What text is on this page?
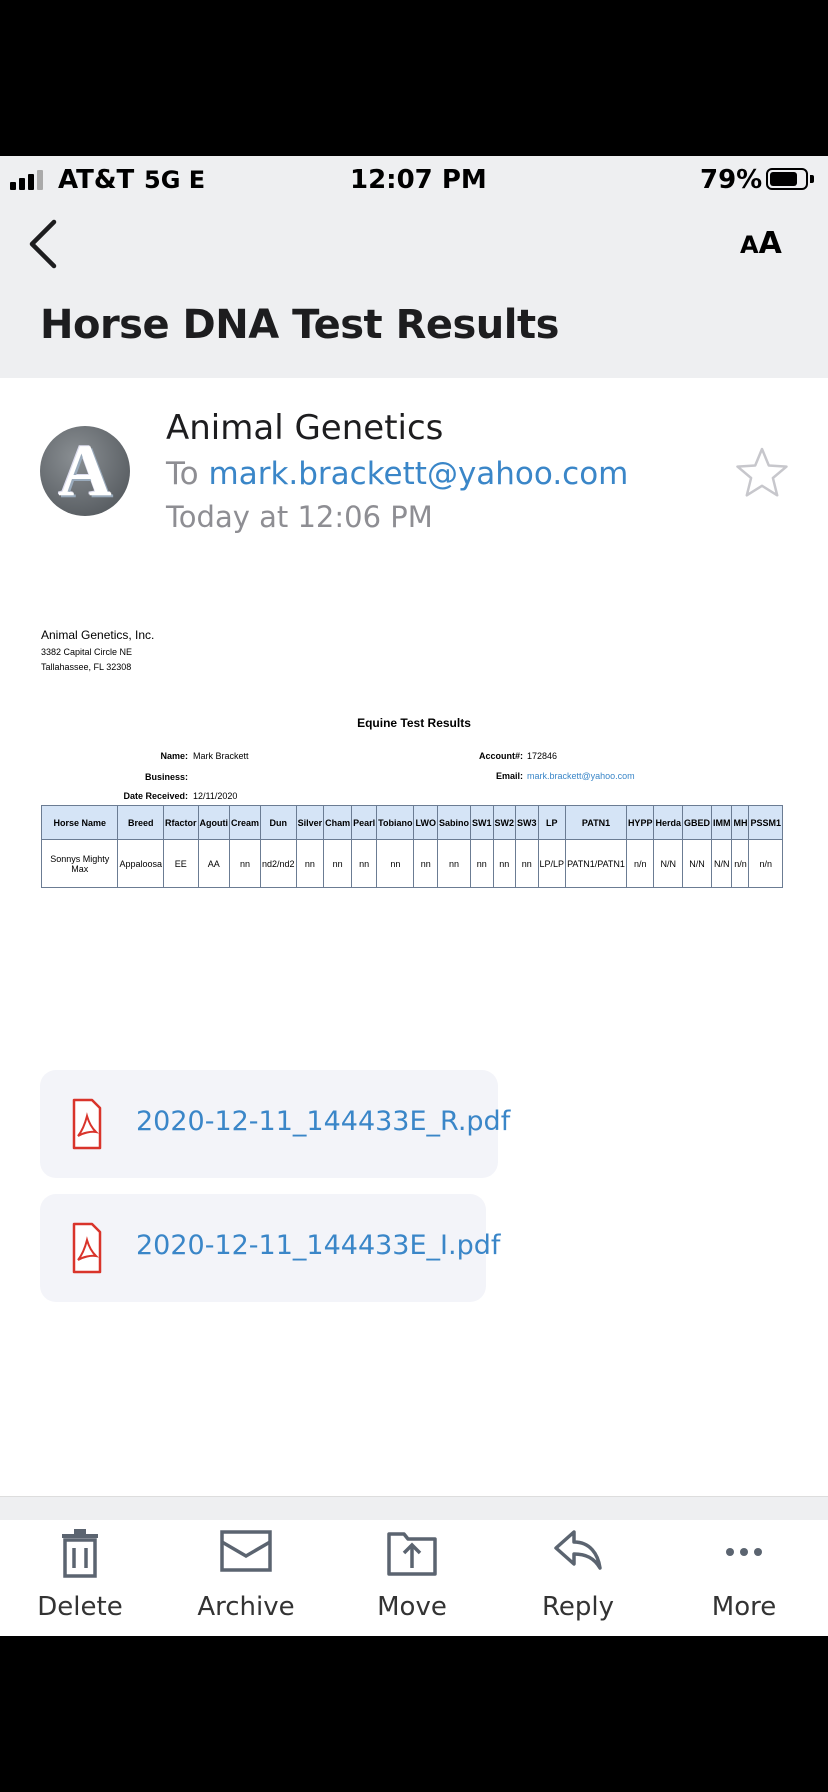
AT&T 5G E	12:07 PM	79%
AA
Horse DNA Test Results
A
Animal Genetics
To mark.brackett@yahoo.com
Today at 12:06 PM
Animal Genetics, Inc.
3382 Capital Circle NE
Tallahassee, FL 32308
Equine Test Results
Name: Mark Brackett
Business:
Date Received: 12/11/2020
Account#: 172846
Email: mark.brackett@yahoo.com
Horse Name	Breed	Rfactor	Agouti	Cream	Dun	Silver	Cham	Pearl	Tobiano	LWO	Sabino	SW1	SW2	SW3	LP	PATN1	HYPP	Herda	GBED	IMM	MH	PSSM1
Sonnys Mighty Max	Appaloosa	EE	AA	nn	nd2/nd2	nn	nn	nn	nn	nn	nn	nn	nn	nn	LP/LP	PATN1/PATN1	n/n	N/N	N/N	N/N	n/n	n/n
2020-12-11_144433E_R.pdf
2020-12-11_144433E_I.pdf
Delete	Archive	Move	Reply	More
